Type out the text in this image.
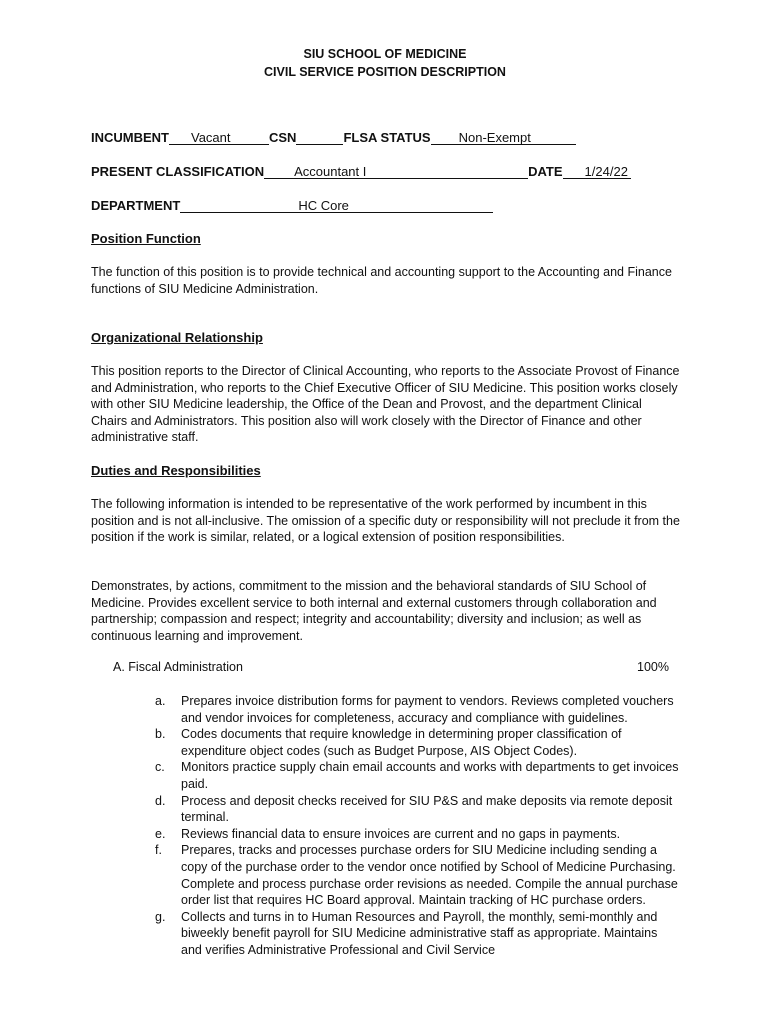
SIU SCHOOL OF MEDICINE
CIVIL SERVICE POSITION DESCRIPTION
INCUMBENT Vacant	CSN	FLSA STATUS Non-Exempt
PRESENT CLASSIFICATION Accountant I	DATE 1/24/22
DEPARTMENT	HC Core
Position Function
The function of this position is to provide technical and accounting support to the Accounting and Finance functions of SIU Medicine Administration.
Organizational Relationship
This position reports to the Director of Clinical Accounting, who reports to the Associate Provost of Finance and Administration, who reports to the Chief Executive Officer of SIU Medicine. This position works closely with other SIU Medicine leadership, the Office of the Dean and Provost, and the department Clinical Chairs and Administrators. This position also will work closely with the Director of Finance and other administrative staff.
Duties and Responsibilities
The following information is intended to be representative of the work performed by incumbent in this position and is not all-inclusive. The omission of a specific duty or responsibility will not preclude it from the position if the work is similar, related, or a logical extension of position responsibilities.
Demonstrates, by actions, commitment to the mission and the behavioral standards of SIU School of Medicine. Provides excellent service to both internal and external customers through collaboration and partnership; compassion and respect; integrity and accountability; diversity and inclusion; as well as continuous learning and improvement.
A. Fiscal Administration	100%
a.	Prepares invoice distribution forms for payment to vendors. Reviews completed vouchers and vendor invoices for completeness, accuracy and compliance with guidelines.
b.	Codes documents that require knowledge in determining proper classification of expenditure object codes (such as Budget Purpose, AIS Object Codes).
c.	Monitors practice supply chain email accounts and works with departments to get invoices paid.
d.	Process and deposit checks received for SIU P&S and make deposits via remote deposit terminal.
e.	Reviews financial data to ensure invoices are current and no gaps in payments.
f.	Prepares, tracks and processes purchase orders for SIU Medicine including sending a copy of the purchase order to the vendor once notified by School of Medicine Purchasing. Complete and process purchase order revisions as needed. Compile the annual purchase order list that requires HC Board approval. Maintain tracking of HC purchase orders.
g.	Collects and turns in to Human Resources and Payroll, the monthly, semi-monthly and biweekly benefit payroll for SIU Medicine administrative staff as appropriate. Maintains and verifies Administrative Professional and Civil Service
